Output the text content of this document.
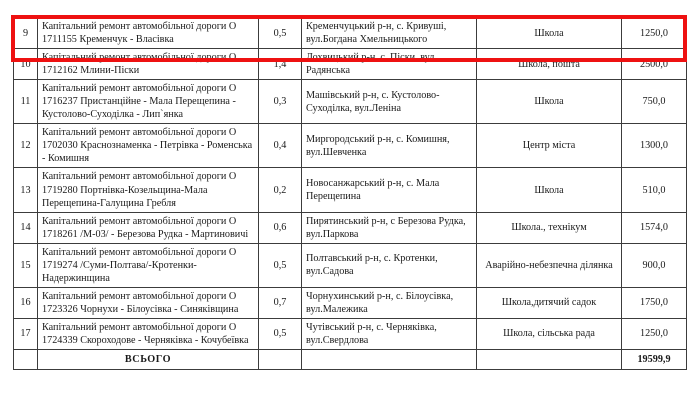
9	Капітальний ремонт автомобільної дороги О 1711155 Кременчук - Власівка	0,5	Кременчуцький р-н, с. Кривуші, вул.Богдана Хмельницького	Школа	1250,0
10	Капітальний ремонт автомобільної дороги О 1712162 Млини-Піски	1,4	Лохвицький р-н, с. Піски, вул. Радянська	Школа, пошта	2500,0
11	Капітальний ремонт автомобільної дороги О 1716237 Пристанційне - Мала Перещепина - Кустолово-Суходілка - Лип`янка	0,3	Машівський р-н, с. Кустолово-Суходілка, вул.Леніна	Школа	750,0
12	Капітальний ремонт автомобільної дороги О 1702030 Краснознаменка - Петрівка - Роменська - Комишня	0,4	Миргородський р-н, с. Комишня, вул.Шевченка	Центр міста	1300,0
13	Капітальний ремонт автомобільної дороги О 1719280 Портнівка-Козельщина-Мала Перещепина-Галущина Гребля	0,2	Новосанжарський р-н, с. Мала Перещепина	Школа	510,0
14	Капітальний ремонт автомобільної дороги О 1718261 /М-03/ - Березова Рудка - Мартиновичі	0,6	Пирятинський р-н, с Березова Рудка, вул.Паркова	Школа., технікум	1574,0
15	Капітальний ремонт автомобільної дороги О 1719274 /Суми-Полтава/-Кротенки-Надержинщина	0,5	Полтавський р-н, с. Кротенки, вул.Садова	Аварійно-небезпечна ділянка	900,0
16	Капітальний ремонт автомобільної дороги О 1723326 Чорнухи - Білоусівка - Синяківщина	0,7	Чорнухинський р-н, с. Білоусівка, вул.Малежика	Школа,дитячий садок	1750,0
17	Капітальний ремонт автомобільної дороги О 1724339 Скороходове - Черняківка - Кочубеївка	0,5	Чутівський р-н, с. Черняківка, вул.Свердлова	Школа, сільська рада	1250,0
	ВСЬОГО				19599,9
